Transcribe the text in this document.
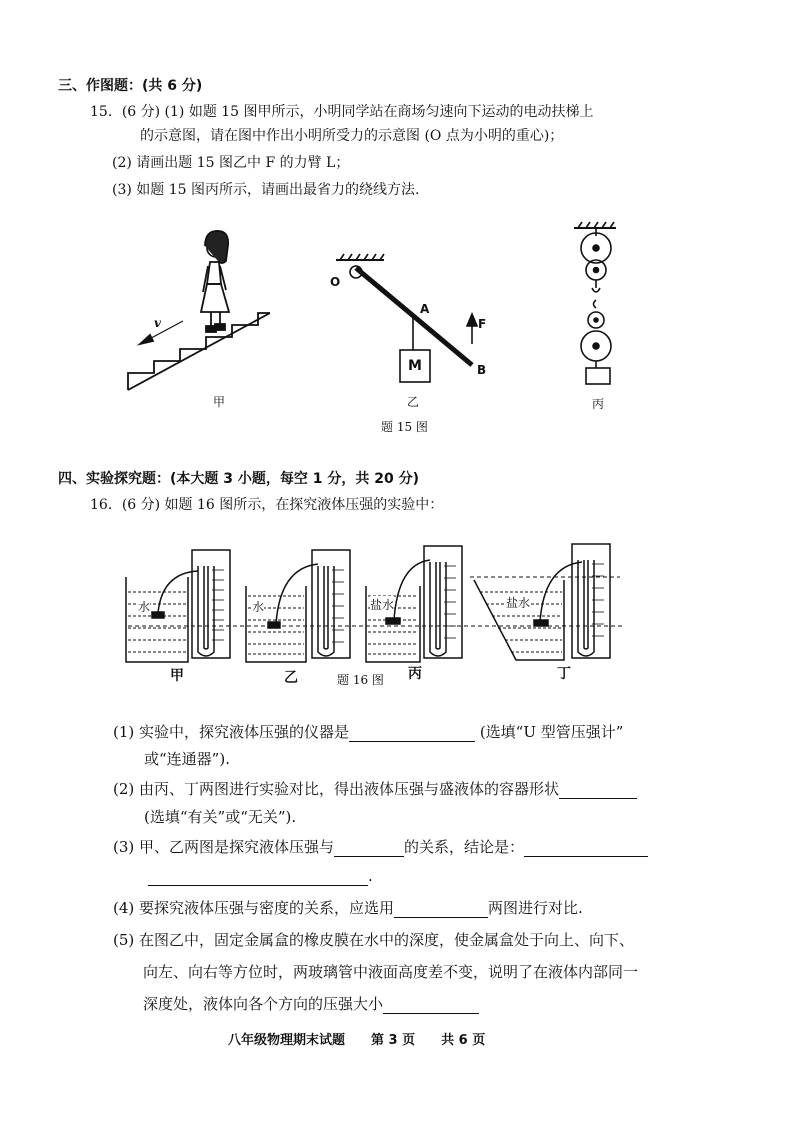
三、作图题：(共 6 分)
15．(6 分) (1) 如题 15 图甲所示，小明同学站在商场匀速向下运动的电动扶梯上
的示意图，请在图中作出小明所受力的示意图 (O 点为小明的重心)；
(2) 请画出题 15 图乙中 F 的力臂 L；
(3) 如题 15 图丙所示，请画出最省力的绕线方法.
v
O
A
B
M
F
甲	乙	丙
题 15 图
四、实验探究题：(本大题 3 小题，每空 1 分，共 20 分)
16．(6 分) 如题 16 图所示，在探究液体压强的实验中：
水	水	盐水	盐水
甲	乙	丙	丁
题 16 图
(1) 实验中，探究液体压强的仪器是	(选填“U 型管压强计”
或“连通器”).
(2) 由丙、丁两图进行实验对比，得出液体压强与盛液体的容器形状
(选填“有关”或“无关”).
(3) 甲、乙两图是探究液体压强与	的关系，结论是：
.
(4) 要探究液体压强与密度的关系，应选用	两图进行对比.
(5) 在图乙中，固定金属盒的橡皮膜在水中的深度，使金属盒处于向上、向下、
向左、向右等方位时，两玻璃管中液面高度差不变，说明了在液体内部同一
深度处，液体向各个方向的压强大小
八年级物理期末试题　　第 3 页　　共 6 页
